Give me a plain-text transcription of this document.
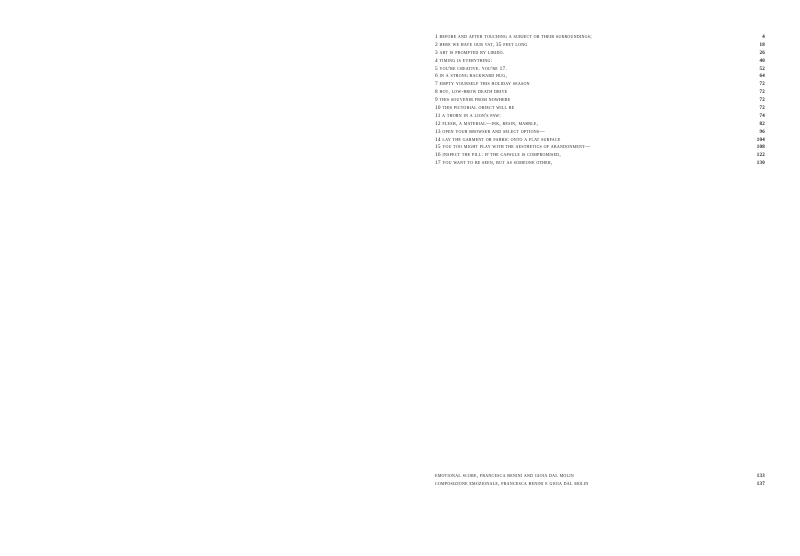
1 before and after touching a subject or their surroundings;	4
2 here we have our vat, 35 feet long	18
3 art is prompted by libido.	26
4 timing is everything:	40
5 you're creative. you're 17.	52
6 in a strong backward hug,	64
7 empty yourself this holiday season	72
8 hot, low-brow death drive	72
9 this souvenir from nowhere	72
10 this pictorial object will be	72
11 a thorn in a lion's paw:	74
12 flesh, a material—ink, resin, marble,	82
13 open your browser and select options—	96
14 lay the garment or fabric onto a flat surface	104
15 you too might play with the aesthetics of abandonment—	108
16 inspect the pill: if the capsule is compromised,	122
17 you want to be seen, but as someone other,	130
emotional score, francesca benini and gioia dal molin	133
composizione emozionale, francesca benini e gioia dal molin	137
